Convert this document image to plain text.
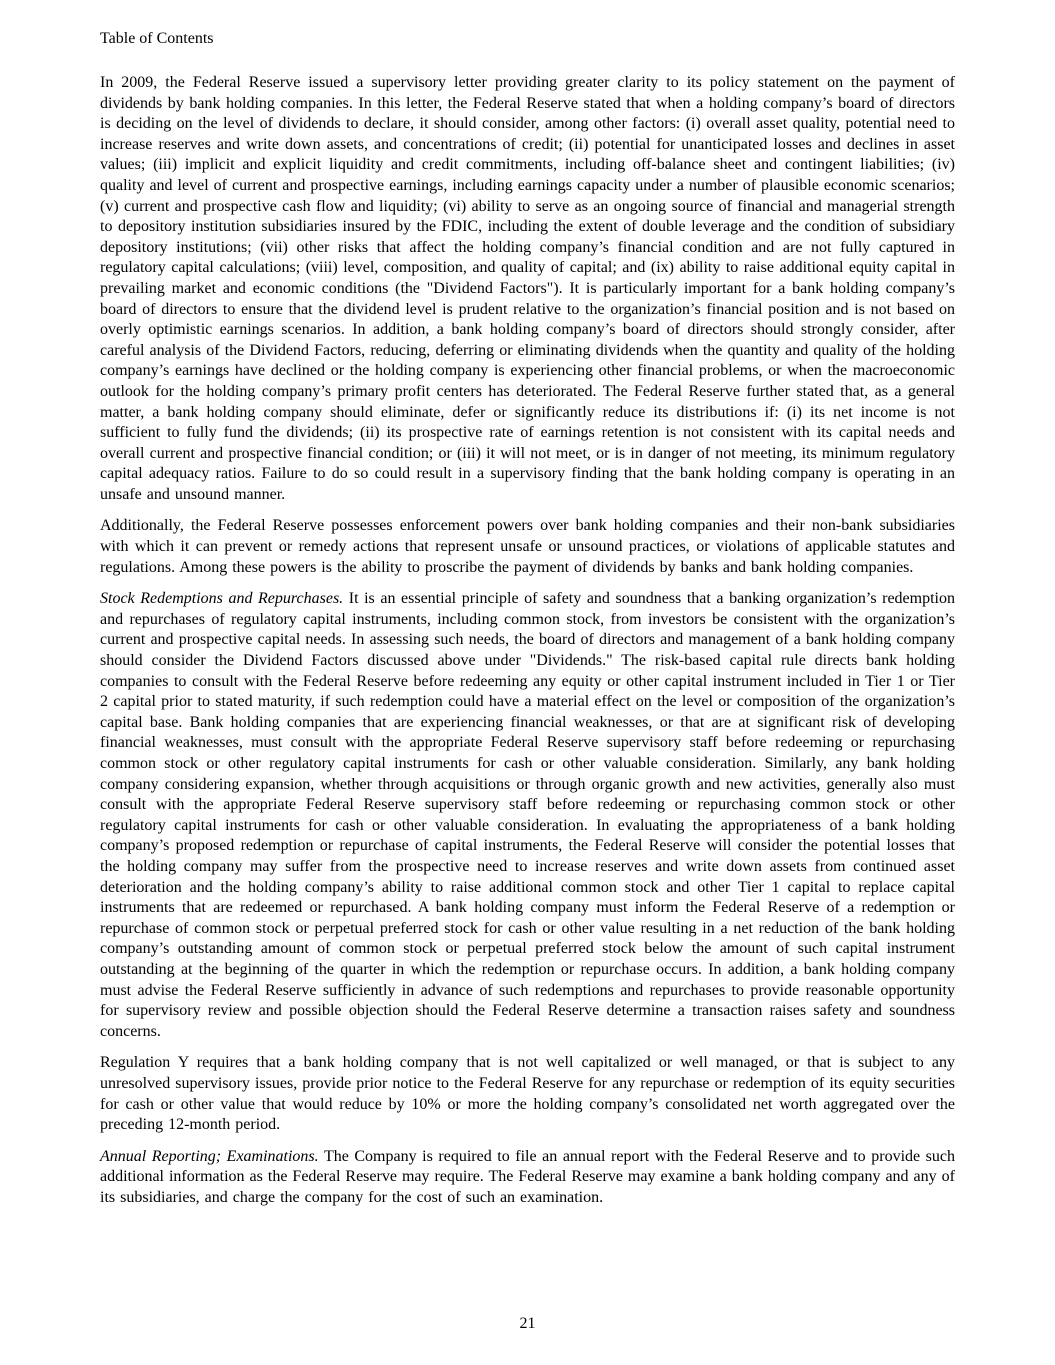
Table of Contents

In 2009, the Federal Reserve issued a supervisory letter providing greater clarity to its policy statement on the payment of dividends by bank holding companies. In this letter, the Federal Reserve stated that when a holding company’s board of directors is deciding on the level of dividends to declare, it should consider, among other factors: (i) overall asset quality, potential need to increase reserves and write down assets, and concentrations of credit; (ii) potential for unanticipated losses and declines in asset values; (iii) implicit and explicit liquidity and credit commitments, including off-balance sheet and contingent liabilities; (iv) quality and level of current and prospective earnings, including earnings capacity under a number of plausible economic scenarios; (v) current and prospective cash flow and liquidity; (vi) ability to serve as an ongoing source of financial and managerial strength to depository institution subsidiaries insured by the FDIC, including the extent of double leverage and the condition of subsidiary depository institutions; (vii) other risks that affect the holding company’s financial condition and are not fully captured in regulatory capital calculations; (viii) level, composition, and quality of capital; and (ix) ability to raise additional equity capital in prevailing market and economic conditions (the "Dividend Factors"). It is particularly important for a bank holding company’s board of directors to ensure that the dividend level is prudent relative to the organization’s financial position and is not based on overly optimistic earnings scenarios. In addition, a bank holding company’s board of directors should strongly consider, after careful analysis of the Dividend Factors, reducing, deferring or eliminating dividends when the quantity and quality of the holding company’s earnings have declined or the holding company is experiencing other financial problems, or when the macroeconomic outlook for the holding company’s primary profit centers has deteriorated. The Federal Reserve further stated that, as a general matter, a bank holding company should eliminate, defer or significantly reduce its distributions if: (i) its net income is not sufficient to fully fund the dividends; (ii) its prospective rate of earnings retention is not consistent with its capital needs and overall current and prospective financial condition; or (iii) it will not meet, or is in danger of not meeting, its minimum regulatory capital adequacy ratios. Failure to do so could result in a supervisory finding that the bank holding company is operating in an unsafe and unsound manner.

Additionally, the Federal Reserve possesses enforcement powers over bank holding companies and their non-bank subsidiaries with which it can prevent or remedy actions that represent unsafe or unsound practices, or violations of applicable statutes and regulations. Among these powers is the ability to proscribe the payment of dividends by banks and bank holding companies.

Stock Redemptions and Repurchases. It is an essential principle of safety and soundness that a banking organization’s redemption and repurchases of regulatory capital instruments, including common stock, from investors be consistent with the organization’s current and prospective capital needs. In assessing such needs, the board of directors and management of a bank holding company should consider the Dividend Factors discussed above under "Dividends." The risk-based capital rule directs bank holding companies to consult with the Federal Reserve before redeeming any equity or other capital instrument included in Tier 1 or Tier 2 capital prior to stated maturity, if such redemption could have a material effect on the level or composition of the organization’s capital base. Bank holding companies that are experiencing financial weaknesses, or that are at significant risk of developing financial weaknesses, must consult with the appropriate Federal Reserve supervisory staff before redeeming or repurchasing common stock or other regulatory capital instruments for cash or other valuable consideration. Similarly, any bank holding company considering expansion, whether through acquisitions or through organic growth and new activities, generally also must consult with the appropriate Federal Reserve supervisory staff before redeeming or repurchasing common stock or other regulatory capital instruments for cash or other valuable consideration. In evaluating the appropriateness of a bank holding company’s proposed redemption or repurchase of capital instruments, the Federal Reserve will consider the potential losses that the holding company may suffer from the prospective need to increase reserves and write down assets from continued asset deterioration and the holding company’s ability to raise additional common stock and other Tier 1 capital to replace capital instruments that are redeemed or repurchased. A bank holding company must inform the Federal Reserve of a redemption or repurchase of common stock or perpetual preferred stock for cash or other value resulting in a net reduction of the bank holding company’s outstanding amount of common stock or perpetual preferred stock below the amount of such capital instrument outstanding at the beginning of the quarter in which the redemption or repurchase occurs. In addition, a bank holding company must advise the Federal Reserve sufficiently in advance of such redemptions and repurchases to provide reasonable opportunity for supervisory review and possible objection should the Federal Reserve determine a transaction raises safety and soundness concerns.

Regulation Y requires that a bank holding company that is not well capitalized or well managed, or that is subject to any unresolved supervisory issues, provide prior notice to the Federal Reserve for any repurchase or redemption of its equity securities for cash or other value that would reduce by 10% or more the holding company’s consolidated net worth aggregated over the preceding 12-month period.

Annual Reporting; Examinations. The Company is required to file an annual report with the Federal Reserve and to provide such additional information as the Federal Reserve may require. The Federal Reserve may examine a bank holding company and any of its subsidiaries, and charge the company for the cost of such an examination.

21
